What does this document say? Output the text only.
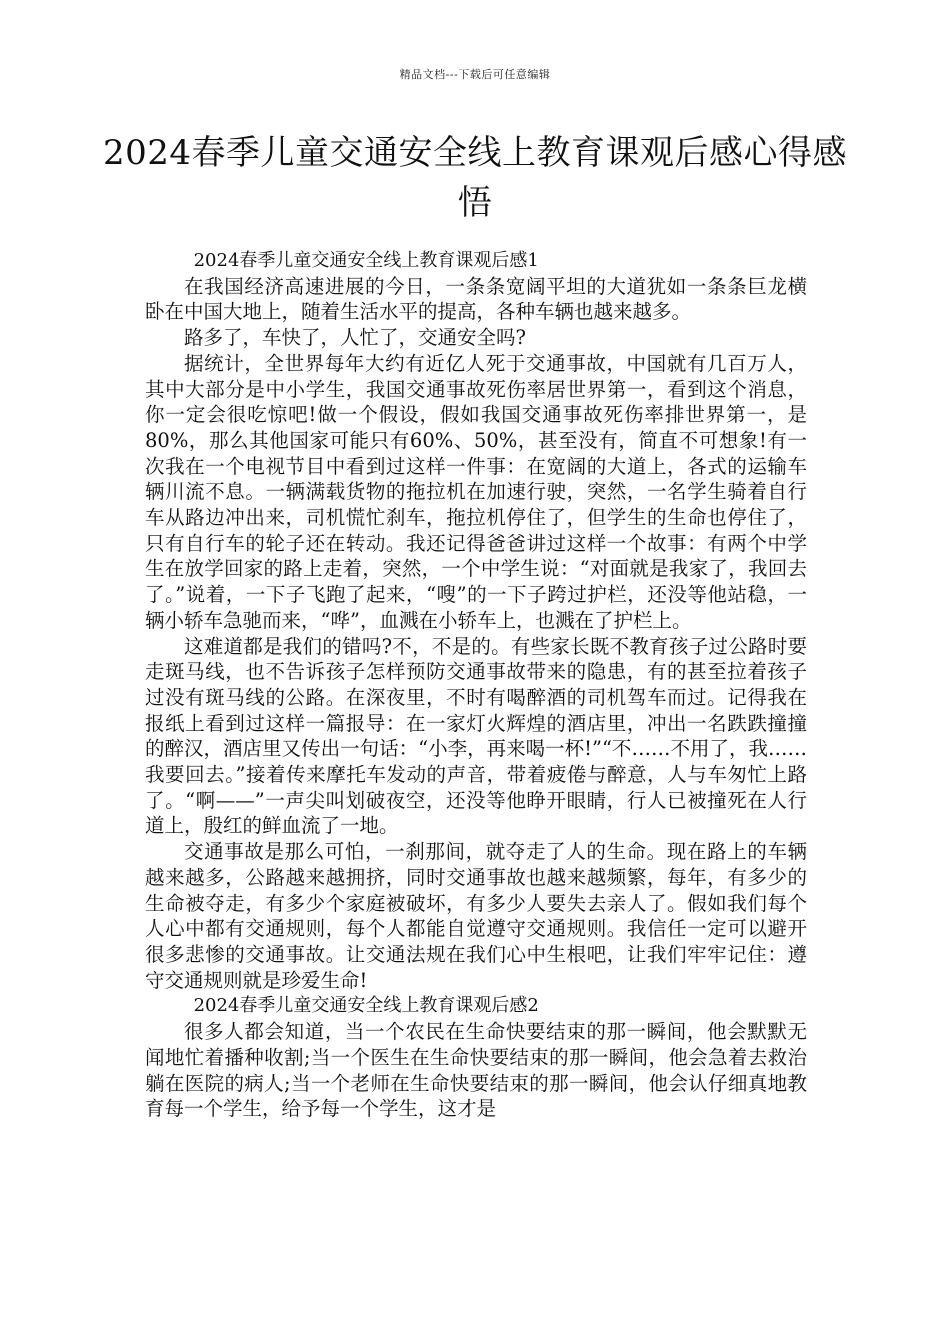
精品文档---下载后可任意编辑
2024春季儿童交通安全线上教育课观后感心得感悟

2024春季儿童交通安全线上教育课观后感1

在我国经济高速进展的今日，一条条宽阔平坦的大道犹如一条条巨龙横卧在中国大地上，随着生活水平的提高，各种车辆也越来越多。

路多了，车快了，人忙了，交通安全吗?

据统计，全世界每年大约有近亿人死于交通事故，中国就有几百万人，其中大部分是中小学生，我国交通事故死伤率居世界第一，看到这个消息，你一定会很吃惊吧!做一个假设，假如我国交通事故死伤率排世界第一，是80%，那么其他国家可能只有60%、50%，甚至没有，简直不可想象!有一次我在一个电视节目中看到过这样一件事：在宽阔的大道上，各式的运输车辆川流不息。一辆满载货物的拖拉机在加速行驶，突然，一名学生骑着自行车从路边冲出来，司机慌忙刹车，拖拉机停住了，但学生的生命也停住了，只有自行车的轮子还在转动。我还记得爸爸讲过这样一个故事：有两个中学生在放学回家的路上走着，突然，一个中学生说：“对面就是我家了，我回去了。”说着，一下子飞跑了起来，“嗖”的一下子跨过护栏，还没等他站稳，一辆小轿车急驰而来，“哗”，血溅在小轿车上，也溅在了护栏上。

这难道都是我们的错吗?不，不是的。有些家长既不教育孩子过公路时要走斑马线，也不告诉孩子怎样预防交通事故带来的隐患，有的甚至拉着孩子过没有斑马线的公路。在深夜里，不时有喝醉酒的司机驾车而过。记得我在报纸上看到过这样一篇报导：在一家灯火辉煌的酒店里，冲出一名跌跌撞撞的醉汉，酒店里又传出一句话：“小李，再来喝一杯!”“不……不用了，我……我要回去。”接着传来摩托车发动的声音，带着疲倦与醉意，人与车匆忙上路了。“啊——”一声尖叫划破夜空，还没等他睁开眼睛，行人已被撞死在人行道上，殷红的鲜血流了一地。

交通事故是那么可怕，一刹那间，就夺走了人的生命。现在路上的车辆越来越多，公路越来越拥挤，同时交通事故也越来越频繁，每年，有多少的生命被夺走，有多少个家庭被破坏，有多少人要失去亲人了。假如我们每个人心中都有交通规则，每个人都能自觉遵守交通规则。我信任一定可以避开很多悲惨的交通事故。让交通法规在我们心中生根吧，让我们牢牢记住：遵守交通规则就是珍爱生命!

2024春季儿童交通安全线上教育课观后感2

很多人都会知道，当一个农民在生命快要结束的那一瞬间，他会默默无闻地忙着播种收割;当一个医生在生命快要结束的那一瞬间，他会急着去救治躺在医院的病人;当一个老师在生命快要结束的那一瞬间，他会认仔细真地教育每一个学生，给予每一个学生，这才是
